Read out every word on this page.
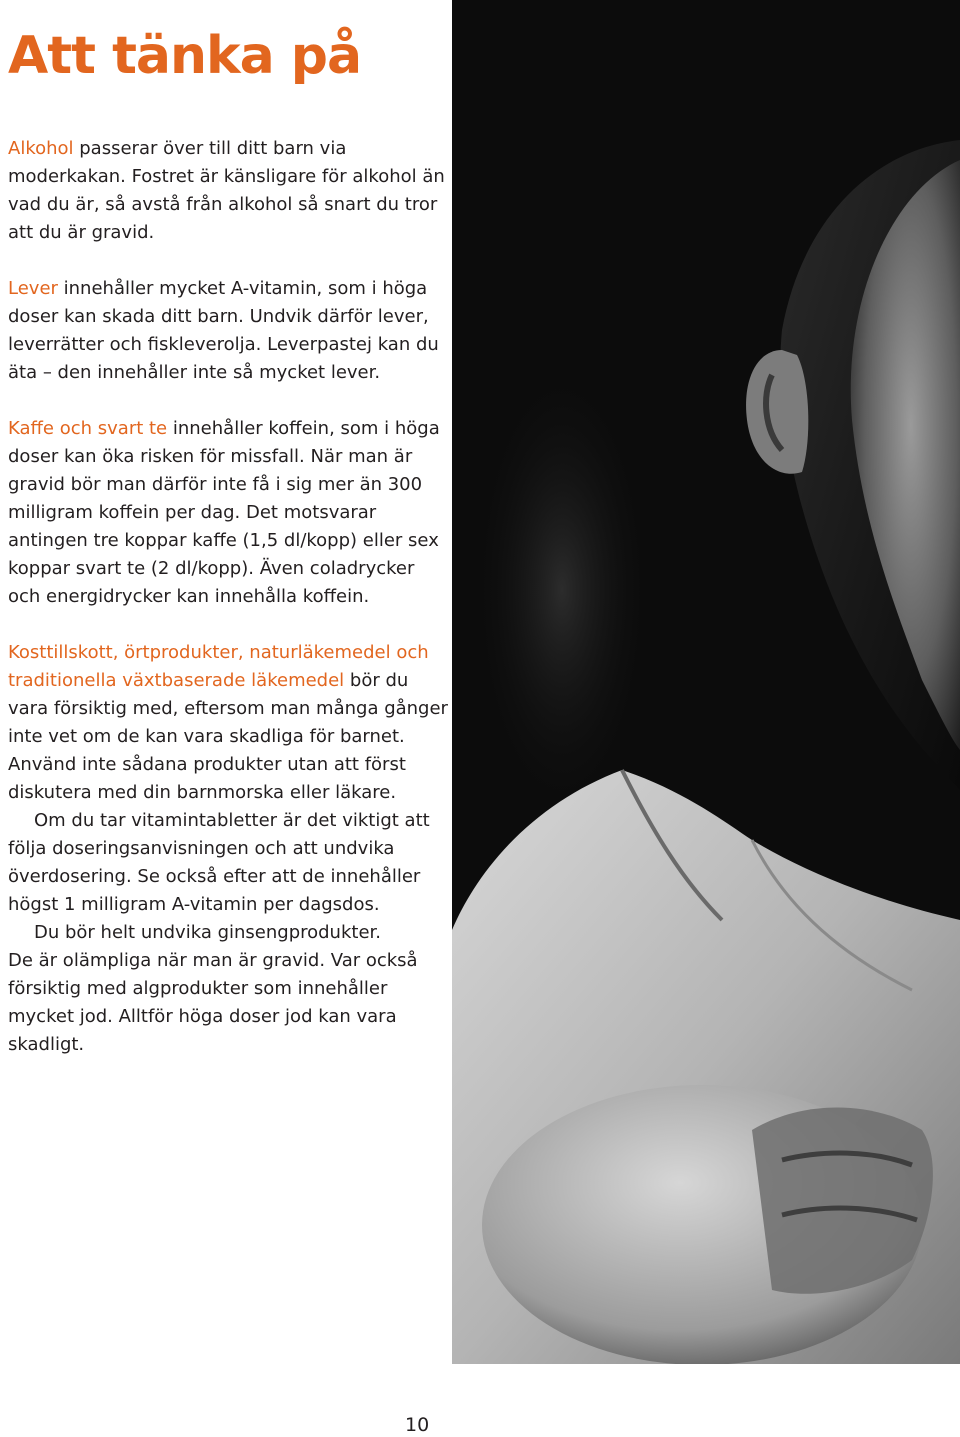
Att tänka på

Alkohol passerar över till ditt barn via moderkakan. Fostret är känsligare för alkohol än vad du är, så avstå från alkohol så snart du tror att du är gravid.

Lever innehåller mycket A-vitamin, som i höga doser kan skada ditt barn. Undvik därför lever, leverrätter och fiskleverolja. Leverpastej kan du äta – den innehåller inte så mycket lever.

Kaffe och svart te innehåller koffein, som i höga doser kan öka risken för missfall. När man är gravid bör man därför inte få i sig mer än 300 milligram koffein per dag. Det motsvarar antingen tre koppar kaffe (1,5 dl/kopp) eller sex koppar svart te (2 dl/kopp). Även coladrycker och energidrycker kan innehålla koffein.

Kosttillskott, örtprodukter, naturläkemedel och traditionella växtbaserade läkemedel bör du vara försiktig med, eftersom man många gånger inte vet om de kan vara skadliga för barnet. Använd inte sådana produkter utan att först diskutera med din barnmorska eller läkare.

Om du tar vitamintabletter är det viktigt att följa doseringsanvisningen och att undvika överdosering. Se också efter att de innehåller högst 1 milligram A-vitamin per dagsdos.

Du bör helt undvika ginsengprodukter.

De är olämpliga när man är gravid. Var också försiktig med algprodukter som innehåller mycket jod. Alltför höga doser jod kan vara skadligt.

10
